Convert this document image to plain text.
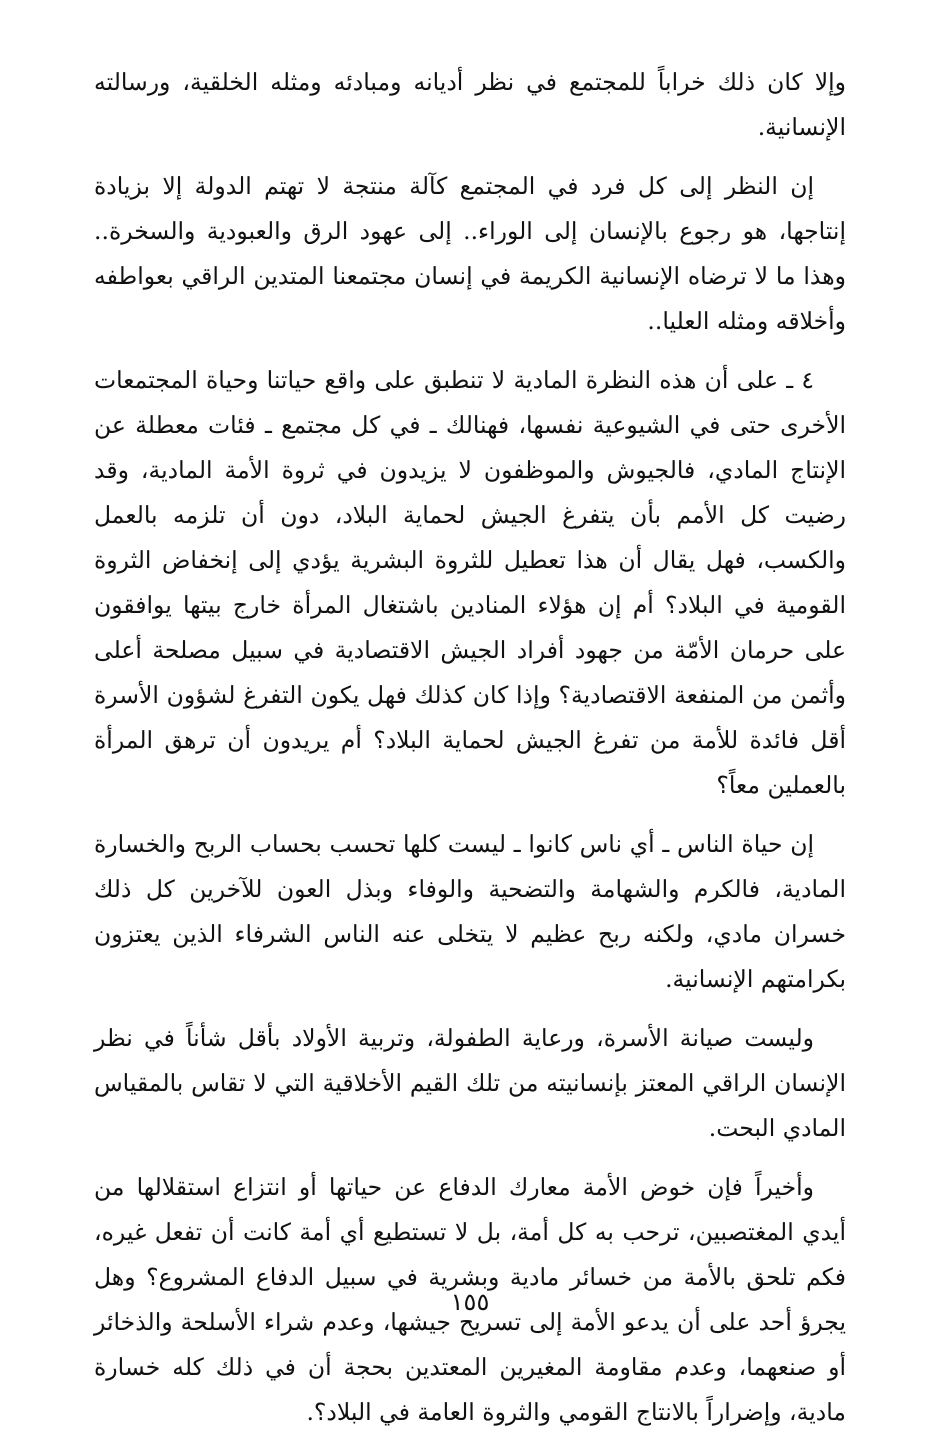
وإلا كان ذلك خراباً للمجتمع في نظر أديانه ومبادئه ومثله الخلقية، ورسالته الإنسانية.

إن النظر إلى كل فرد في المجتمع كآلة منتجة لا تهتم الدولة إلا بزيادة إنتاجها، هو رجوع بالإنسان إلى الوراء.. إلى عهود الرق والعبودية والسخرة.. وهذا ما لا ترضاه الإنسانية الكريمة في إنسان مجتمعنا المتدين الراقي بعواطفه وأخلاقه ومثله العليا..

٤ ـ على أن هذه النظرة المادية لا تنطبق على واقع حياتنا وحياة المجتمعات الأخرى حتى في الشيوعية نفسها، فهنالك ـ في كل مجتمع ـ فئات معطلة عن الإنتاج المادي، فالجيوش والموظفون لا يزيدون في ثروة الأمة المادية، وقد رضيت كل الأمم بأن يتفرغ الجيش لحماية البلاد، دون أن تلزمه بالعمل والكسب، فهل يقال أن هذا تعطيل للثروة البشرية يؤدي إلى إنخفاض الثروة القومية في البلاد؟ أم إن هؤلاء المنادين باشتغال المرأة خارج بيتها يوافقون على حرمان الأمّة من جهود أفراد الجيش الاقتصادية في سبيل مصلحة أعلى وأثمن من المنفعة الاقتصادية؟ وإذا كان كذلك فهل يكون التفرغ لشؤون الأسرة أقل فائدة للأمة من تفرغ الجيش لحماية البلاد؟ أم يريدون أن ترهق المرأة بالعملين معاً؟

إن حياة الناس ـ أي ناس كانوا ـ ليست كلها تحسب بحساب الربح والخسارة المادية، فالكرم والشهامة والتضحية والوفاء وبذل العون للآخرين كل ذلك خسران مادي، ولكنه ربح عظيم لا يتخلى عنه الناس الشرفاء الذين يعتزون بكرامتهم الإنسانية.

وليست صيانة الأسرة، ورعاية الطفولة، وتربية الأولاد بأقل شأناً في نظر الإنسان الراقي المعتز بإنسانيته من تلك القيم الأخلاقية التي لا تقاس بالمقياس المادي البحت.

وأخيراً فإن خوض الأمة معارك الدفاع عن حياتها أو انتزاع استقلالها من أيدي المغتصبين، ترحب به كل أمة، بل لا تستطيع أي أمة كانت أن تفعل غيره، فكم تلحق بالأمة من خسائر مادية وبشرية في سبيل الدفاع المشروع؟ وهل يجرؤ أحد على أن يدعو الأمة إلى تسريح جيشها، وعدم شراء الأسلحة والذخائر أو صنعهما، وعدم مقاومة المغيرين المعتدين بحجة أن في ذلك كله خسارة مادية، وإضراراً بالانتاج القومي والثروة العامة في البلاد؟.

١٥٥
